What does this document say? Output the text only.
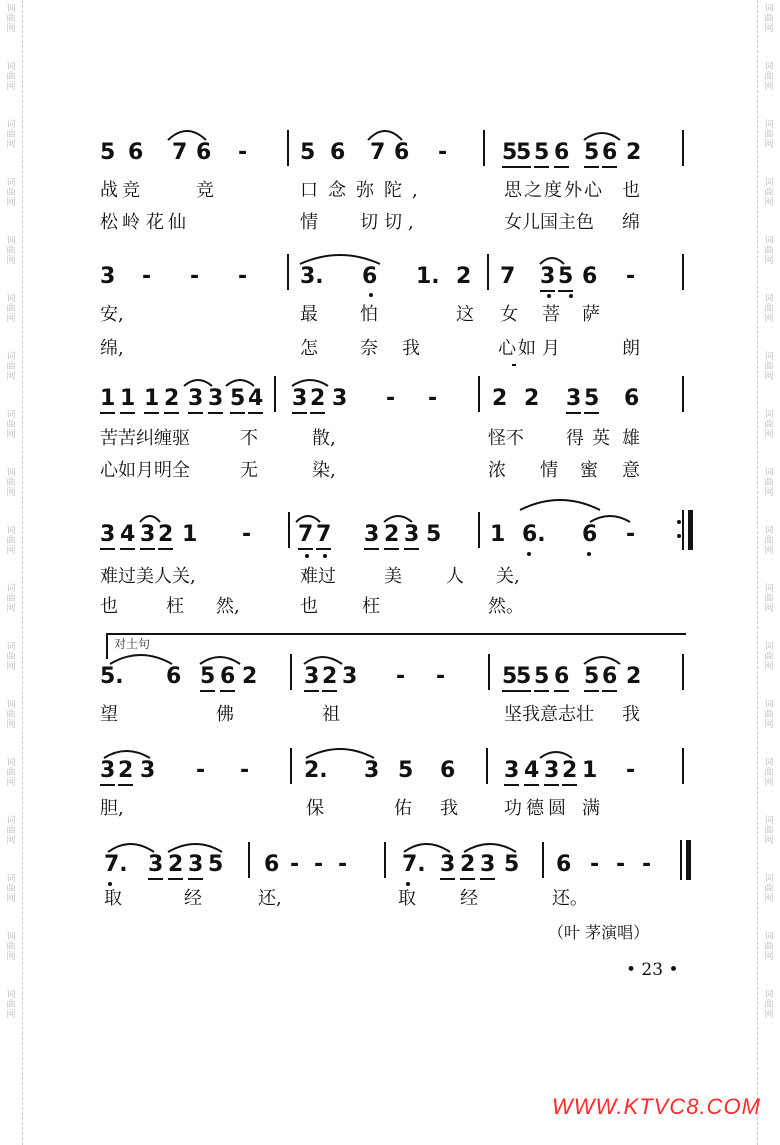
词
曲
网
词
曲
网
词
曲
网
词
曲
网
词
曲
网
词
曲
网
词
曲
网
词
曲
网
词
曲
网
词
曲
网
词
曲
网
词
曲
网
词
曲
网
词
曲
网
词
曲
网
词
曲
网
词
曲
网
词
曲
网
词
曲
网
词
曲
网
词
曲
网
词
曲
网
词
曲
网
词
曲
网
词
曲
网
词
曲
网
词
曲
网
词
曲
网
词
曲
网
词
曲
网
词
曲
网
词
曲
网
词
曲
网
词
曲
网
词
曲
网
词
曲
网
5 6 7 6 - 5 6 7 6 - 5
5 5 6 5 6 2
战竞	竞	口念弥陀,	思之度外心 也
松岭 花仙	情 切切,	女儿国主色 绵
3 - - - 3. 6 1. 2 7 3 5 6 -
安,	最 怕	这 女 菩 萨
绵,	怎 奈 我	心 如 月	朗
1 1 1 2 3 3 5 4 3 2 3 - - 2 2 3 5 6
苦苦纠缠驱	不	散,	怪不 得 英 雄
心如月明全	无	染,	浓 情 蜜 意
3 4 3 2 1 - 7 7 3 2 3 5 1 6. 6 -
难过美人关,	难过	美 人 关,
也	枉 然,	也 枉	然。
对土句
5. 6 5 6 2 3 2 3 - -	5
5 5 6 5 6 2
望	佛	祖	坚我意志壮 我
3 2 3 - - 2. 3 5 6 3 4 3 2 1 -
胆,	保	佑 我	功德圆 满
7. 3 2 3 5 6 - - - 7. 3 2 3 5 6 - - -
取	经	还,	取 经	还。
（叶 茅演唱）
• 23 •
WWW.KTVC8.COM
